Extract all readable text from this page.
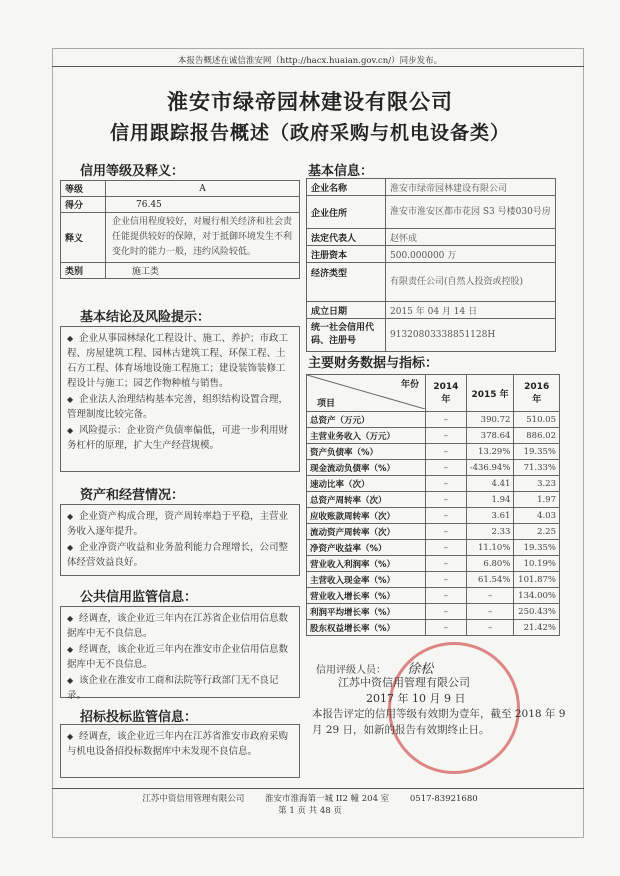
本报告概述在诚信淮安网（http://hacx.huaian.gov.cn/）同步发布。
淮安市绿帝园林建设有限公司
信用跟踪报告概述（政府采购与机电设备类）
信用等级及释义：
等级	A
得分	76.45
释义	企业信用程度较好，对履行相关经济和社会责任能提供较好的保障，对于抵御环境发生不利变化时的能力一般，违约风险较低。
类别	施工类
基本信息：
企业名称	淮安市绿帝园林建设有限公司
企业住所	淮安市淮安区都市花园 S3 号楼030号房
法定代表人	赵怀成
注册资本	500.000000 万
经济类型	有限责任公司(自然人投资或控股)
成立日期	2015 年 04 月 14 日
统一社会信用代码、注册号	91320803338851128H
基本结论及风险提示：

◆ 企业从事园林绿化工程设计、施工、养护；市政工程、房屋建筑工程、园林古建筑工程、环保工程、土石方工程、体育场地设施工程施工；建设装饰装修工程设计与施工；园艺作物种植与销售。

◆ 企业法人治理结构基本完善，组织结构设置合理，管理制度比较完备。

◆ 风险提示：企业资产负债率偏低，可进一步利用财务杠杆的原理，扩大生产经营规模。

资产和经营情况：

◆ 企业资产构成合理，资产周转率趋于平稳，主营业务收入逐年提升。

◆ 企业净资产收益和业务盈利能力合理增长，公司整体经营效益良好。

公共信用监管信息：

◆ 经调查，该企业近三年内在江苏省企业信用信息数据库中无不良信息。

◆ 经调查，该企业近三年内在淮安市企业信用信息数据库中无不良信息。

◆ 该企业在淮安市工商和法院等行政部门无不良记录。

招标投标监管信息：

◆ 经调查，该企业近三年内在江苏省淮安市政府采购与机电设备招投标数据库中未发现不良信息。

主要财务数据与指标：
年份
项目	2014 年	2015 年	2016 年
总资产（万元）	–	390.72	510.05
主营业务收入（万元）	–	378.64	886.02
资产负债率（%）	–	13.29%	19.35%
现金流动负债率（%）	–	-436.94%	71.33%
速动比率（次）	–	4.41	3.23
总资产周转率（次）	–	1.94	1.97
应收账款周转率（次）	–	3.61	4.03
流动资产周转率（次）	–	2.33	2.25
净资产收益率（%）	–	11.10%	19.35%
营业收入利润率（%）	–	6.80%	10.19%
主营收入现金率（%）	–	61.54%	101.87%
营业收入增长率（%）	–	–	134.00%
利润平均增长率（%）	–	–	250.43%
股东权益增长率（%）	–	–	21.42%
信用评级人员： 徐松
江苏中资信用管理有限公司
2017 年 10 月 9 日
本报告评定的信用等级有效期为壹年，截至 2018 年 9 月 29 日，如新的报告有效期终止日。
江苏中资信用管理有限公司 淮安市淮海第一城 II2 幢 204 室 0517-83921680
第 1 页 共 48 页
